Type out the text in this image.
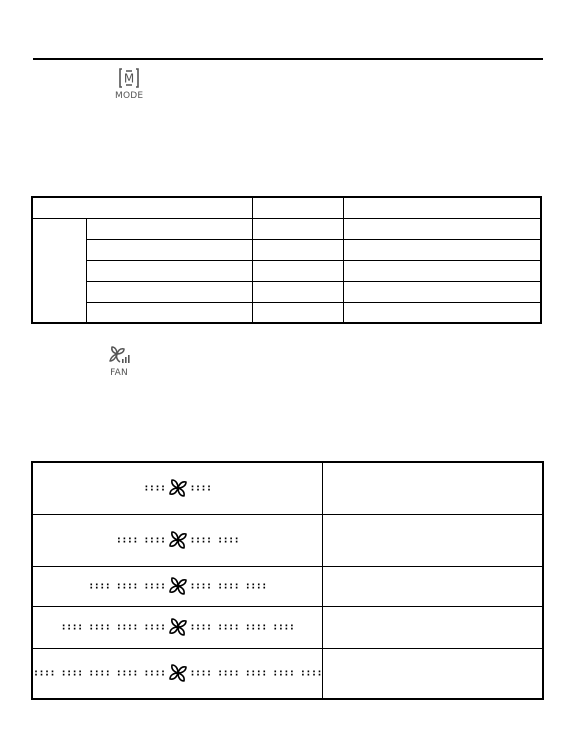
M
MODE

FAN
:::: ::::	
:::: :::: :::: ::::	
:::: :::: :::: :::: :::: ::::	
:::: :::: :::: :::: :::: :::: :::: ::::	
:::: :::: :::: :::: :::: :::: :::: :::: :::: ::::	
